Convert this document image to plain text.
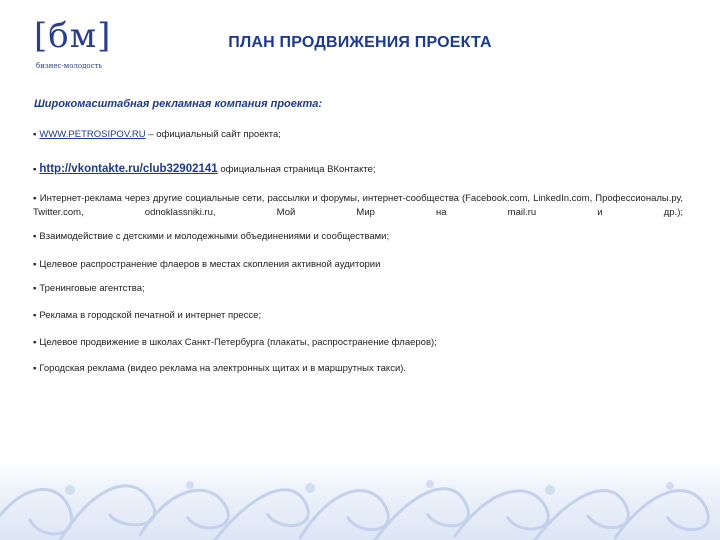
[бм]
бизнес-молодость
ПЛАН ПРОДВИЖЕНИЯ ПРОЕКТА
Широкомасштабная рекламная компания проекта:
▪ WWW.PETROSIPOV.RU – официальный сайт проекта;
▪ http://vkontakte.ru/club32902141 официальная страница ВКонтакте;
▪ Интернет-реклама через другие социальные сети, рассылки и форумы, интернет-сообщества (Facebook.com, LinkedIn.com, Профессионалы.ру, Twitter.com, odnoklassniki.ru, Мой Мир на mail.ru и др.);
▪ Взаимодействие с детскими и молодежными объединениями и сообществами;
▪ Целевое распространение флаеров в местах скопления активной аудитории
▪ Тренинговые агентства;
▪ Реклама в городской печатной и интернет прессе;
▪ Целевое продвижение в школах Санкт-Петербурга (плакаты, распространение флаеров);
▪ Городская реклама (видео реклама на электронных щитах и в маршрутных такси).
